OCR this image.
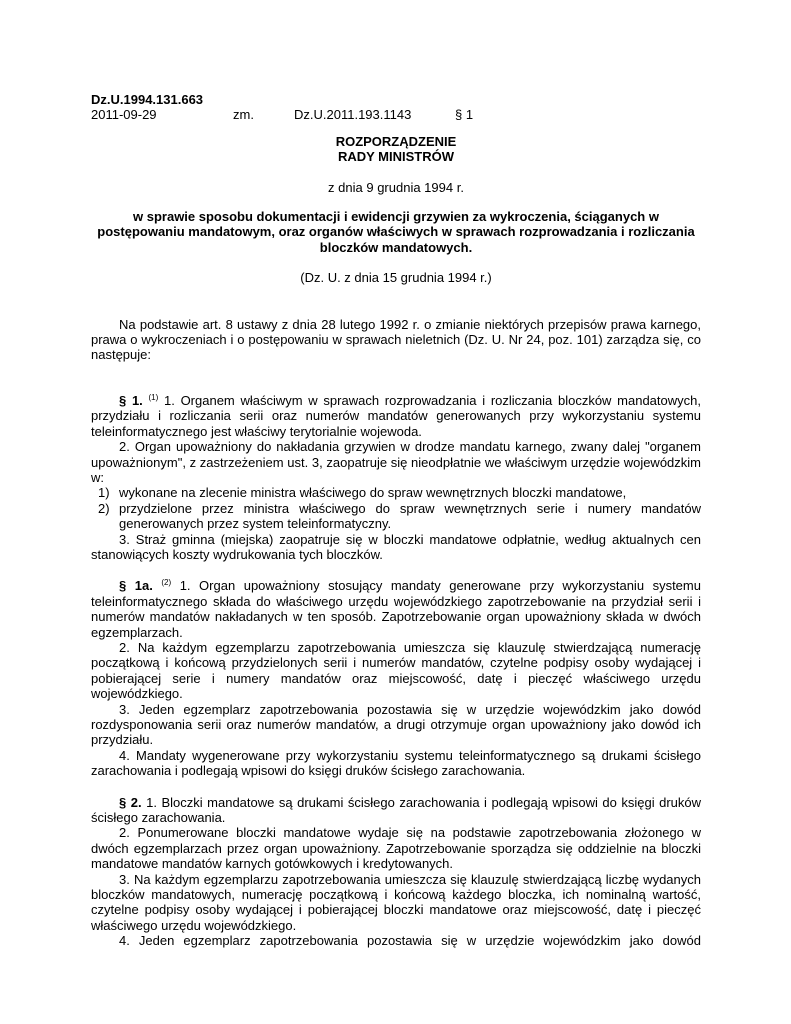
Dz.U.1994.131.663
2011-09-29	zm.	Dz.U.2011.193.1143	§ 1
ROZPORZĄDZENIE
RADY MINISTRÓW
z dnia 9 grudnia 1994 r.
w sprawie sposobu dokumentacji i ewidencji grzywien za wykroczenia, ściąganych w postępowaniu mandatowym, oraz organów właściwych w sprawach rozprowadzania i rozliczania bloczków mandatowych.
(Dz. U. z dnia 15 grudnia 1994 r.)
Na podstawie art. 8 ustawy z dnia 28 lutego 1992 r. o zmianie niektórych przepisów prawa karnego, prawa o wykroczeniach i o postępowaniu w sprawach nieletnich (Dz. U. Nr 24, poz. 101) zarządza się, co następuje:
§ 1. $^{(1)}$ 1. Organem właściwym w sprawach rozprowadzania i rozliczania bloczków mandatowych, przydziału i rozliczania serii oraz numerów mandatów generowanych przy wykorzystaniu systemu teleinformatycznego jest właściwy terytorialnie wojewoda.
2. Organ upoważniony do nakładania grzywien w drodze mandatu karnego, zwany dalej "organem upoważnionym", z zastrzeżeniem ust. 3, zaopatruje się nieodpłatnie we właściwym urzędzie wojewódzkim w:
1) wykonane na zlecenie ministra właściwego do spraw wewnętrznych bloczki mandatowe,
2) przydzielone przez ministra właściwego do spraw wewnętrznych serie i numery mandatów generowanych przez system teleinformatyczny.
3. Straż gminna (miejska) zaopatruje się w bloczki mandatowe odpłatnie, według aktualnych cen stanowiących koszty wydrukowania tych bloczków.
§ 1a. $^{(2)}$ 1. Organ upoważniony stosujący mandaty generowane przy wykorzystaniu systemu teleinformatycznego składa do właściwego urzędu wojewódzkiego zapotrzebowanie na przydział serii i numerów mandatów nakładanych w ten sposób. Zapotrzebowanie organ upoważniony składa w dwóch egzemplarzach.
2. Na każdym egzemplarzu zapotrzebowania umieszcza się klauzulę stwierdzającą numerację początkową i końcową przydzielonych serii i numerów mandatów, czytelne podpisy osoby wydającej i pobierającej serie i numery mandatów oraz miejscowość, datę i pieczęć właściwego urzędu wojewódzkiego.
3. Jeden egzemplarz zapotrzebowania pozostawia się w urzędzie wojewódzkim jako dowód rozdysponowania serii oraz numerów mandatów, a drugi otrzymuje organ upoważniony jako dowód ich przydziału.
4. Mandaty wygenerowane przy wykorzystaniu systemu teleinformatycznego są drukami ścisłego zarachowania i podlegają wpisowi do księgi druków ścisłego zarachowania.
§ 2. 1. Bloczki mandatowe są drukami ścisłego zarachowania i podlegają wpisowi do księgi druków ścisłego zarachowania.
2. Ponumerowane bloczki mandatowe wydaje się na podstawie zapotrzebowania złożonego w dwóch egzemplarzach przez organ upoważniony. Zapotrzebowanie sporządza się oddzielnie na bloczki mandatowe mandatów karnych gotówkowych i kredytowanych.
3. Na każdym egzemplarzu zapotrzebowania umieszcza się klauzulę stwierdzającą liczbę wydanych bloczków mandatowych, numerację początkową i końcową każdego bloczka, ich nominalną wartość, czytelne podpisy osoby wydającej i pobierającej bloczki mandatowe oraz miejscowość, datę i pieczęć właściwego urzędu wojewódzkiego.
4. Jeden egzemplarz zapotrzebowania pozostawia się w urzędzie wojewódzkim jako dowód
